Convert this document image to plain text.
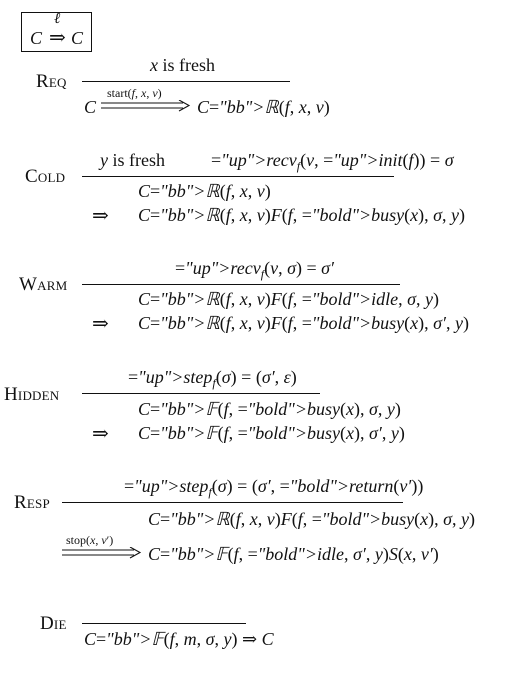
C
ℓ
⇒ C
Req
x is fresh
C
start(f, x, v)
C="bb">ℝ(f, x, v)
Cold
y is fresh	="up">recv$_f$(v, ="up">init(f)) = σ
C="bb">ℝ(f, x, v)
⇒ C="bb">ℝ(f, x, v)F(f, ="bold">busy(x), σ, y)
Warm
="up">recv$_f$(v, σ) = σ′
C="bb">ℝ(f, x, v)F(f, ="bold">idle, σ, y)
⇒ C="bb">ℝ(f, x, v)F(f, ="bold">busy(x), σ′, y)
Hidden
="up">step$_f$(σ) = (σ′, ε)
C="bb">𝔽(f, ="bold">busy(x), σ, y)
⇒ C="bb">𝔽(f, ="bold">busy(x), σ′, y)
Resp
="up">step$_f$(σ) = (σ′, ="bold">return(v′))
C="bb">ℝ(f, x, v)F(f, ="bold">busy(x), σ, y)
stop(x, v′)
C="bb">𝔽(f, ="bold">idle, σ′, y)S(x, v′)
Die
C="bb">𝔽(f, m, σ, y) ⇒ C
